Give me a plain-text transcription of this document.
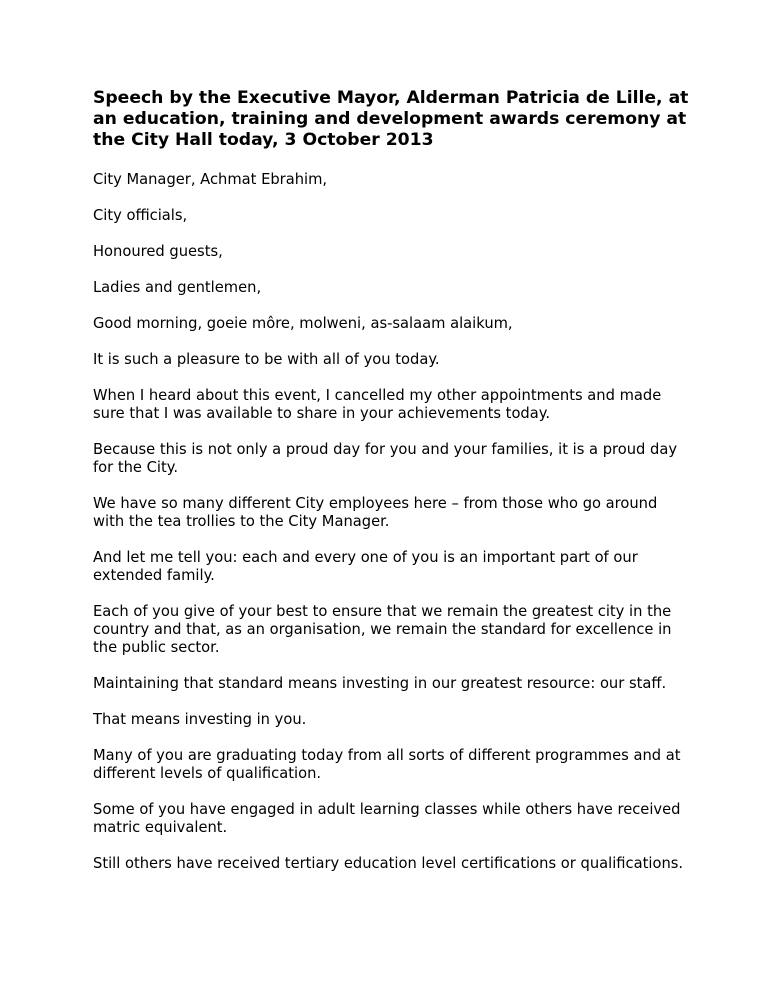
Speech by the Executive Mayor, Alderman Patricia de Lille, at an education, training and development awards ceremony at the City Hall today, 3 October 2013

City Manager, Achmat Ebrahim,

City officials,

Honoured guests,

Ladies and gentlemen,

Good morning, goeie môre, molweni, as-salaam alaikum,

It is such a pleasure to be with all of you today.

When I heard about this event, I cancelled my other appointments and made sure that I was available to share in your achievements today.

Because this is not only a proud day for you and your families, it is a proud day for the City.

We have so many different City employees here – from those who go around with the tea trollies to the City Manager.

And let me tell you: each and every one of you is an important part of our extended family.

Each of you give of your best to ensure that we remain the greatest city in the country and that, as an organisation, we remain the standard for excellence in the public sector.

Maintaining that standard means investing in our greatest resource: our staff.

That means investing in you.

Many of you are graduating today from all sorts of different programmes and at different levels of qualification.

Some of you have engaged in adult learning classes while others have received matric equivalent.

Still others have received tertiary education level certifications or qualifications.
